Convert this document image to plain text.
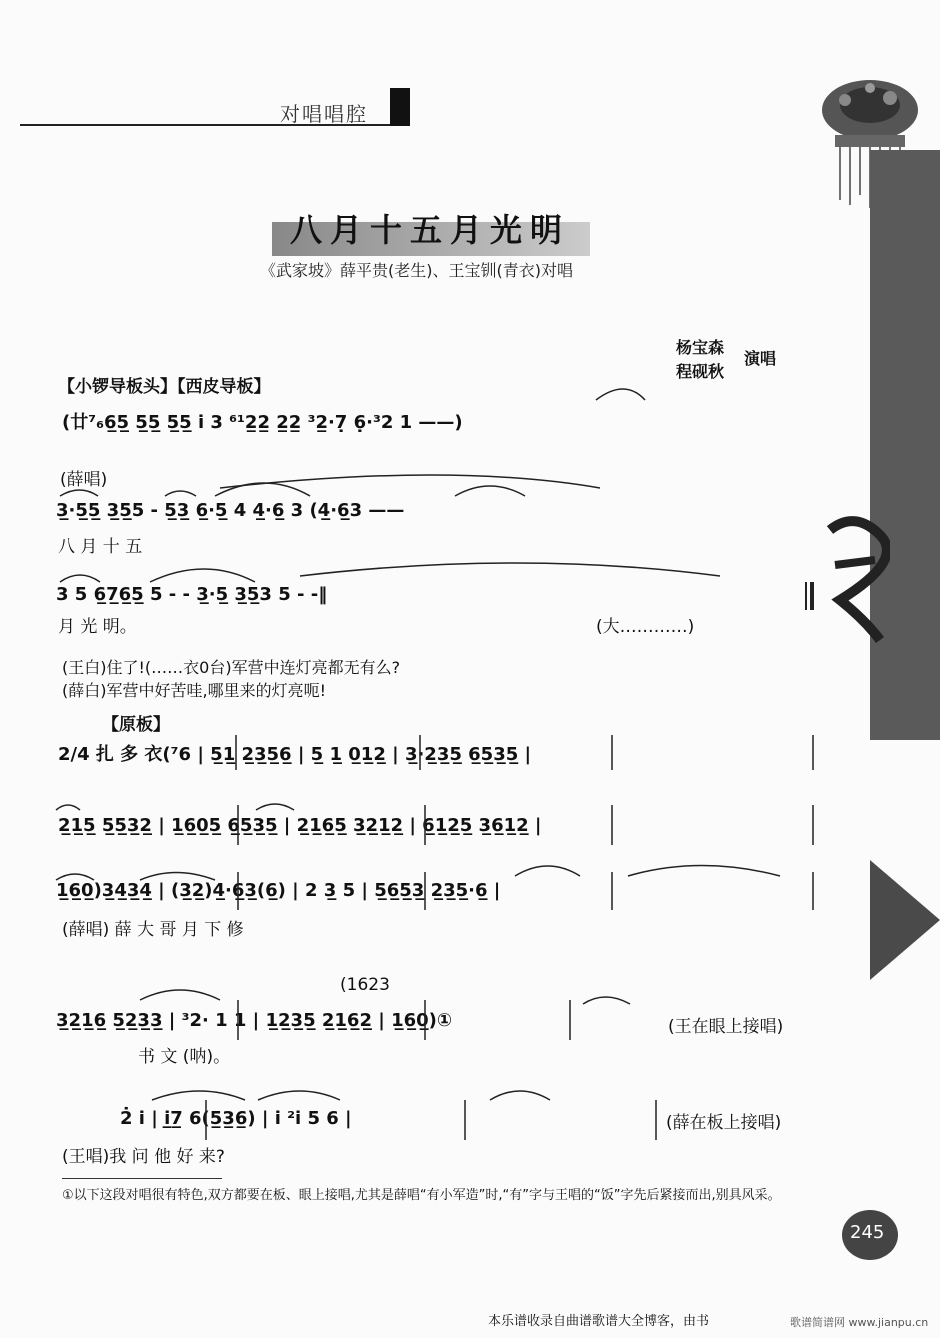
对唱唱腔
八月十五月光明
《武家坡》薛平贵(老生)、王宝钏(青衣)对唱
杨宝森
程砚秋
演唱
【小锣导板头】【西皮导板】
(廿⁷₆6̲5̲ 5̲5̲ 5̲5̲ i̇ 3 ⁶¹2̲2̲ 2̲2̲ ³2̲·7̣ 6̣·³2 1 ——)
(薛唱)
3̲·5̲5̲ 3̲5̲5 - 5̲3̲ 6̲·5̲ 4 4̲·6̲ 3 (4̲·6̲3 ——
八 月 十 五
3 5 6̲7̲6̲5̲ 5 - - 3̲·5̲ 3̲5̲3 5 - -‖
月 光 明。	(大…………)
(王白)住了!(……衣0台)军营中连灯亮都无有么?
(薛白)军营中好苦哇,哪里来的灯亮呃!
【原板】
2/4 扎 多 衣(⁷6 | 5̲1̲ 2̲3̲5̲6̲ | 5̲ 1̲ 0̲1̲2̲ | 3̲·2̲3̲5̲ 6̲5̲3̲5̲ |
2̲1̲5̲ 5̲5̲3̲2̲ | 1̲6̲0̲5̲ 6̲5̲3̲5̲ | 2̲1̲6̲5̲ 3̲2̲1̲2̲ | 6̲1̲2̲5̲ 3̲6̲1̲2̲ |
1̲6̲0̲)3̲4̲3̲4̲ | (3̲2̲)4̲·6̲3̲(6̲) | 2 3̲ 5 | 5̲6̲5̲3̲ 2̲3̲5̲·6̲ |
(薛唱) 薛 大 哥 月 下 修
(1623
3̲2̲1̲6̲ 5̲2̲3̲3̲ | ³2· 1 1 | 1̲2̲3̲5̲ 2̲1̲6̲2̲ | 1̲6̲0̲)①	(王在眼上接唱)
书 文 (呐)。
2̇ i | i̲7̲ 6(5̲3̲6̲) | i ²i 5 6 |	(薛在板上接唱)
(王唱)我 问 他 好 来?
①以下这段对唱很有特色,双方都要在板、眼上接唱,尤其是薛唱“有小军造”时,“有”字与王唱的“饭”字先后紧接而出,别具风采。
245
本乐谱收录自曲谱歌谱大全博客，由书	歌谱简谱网 www.jianpu.cn
